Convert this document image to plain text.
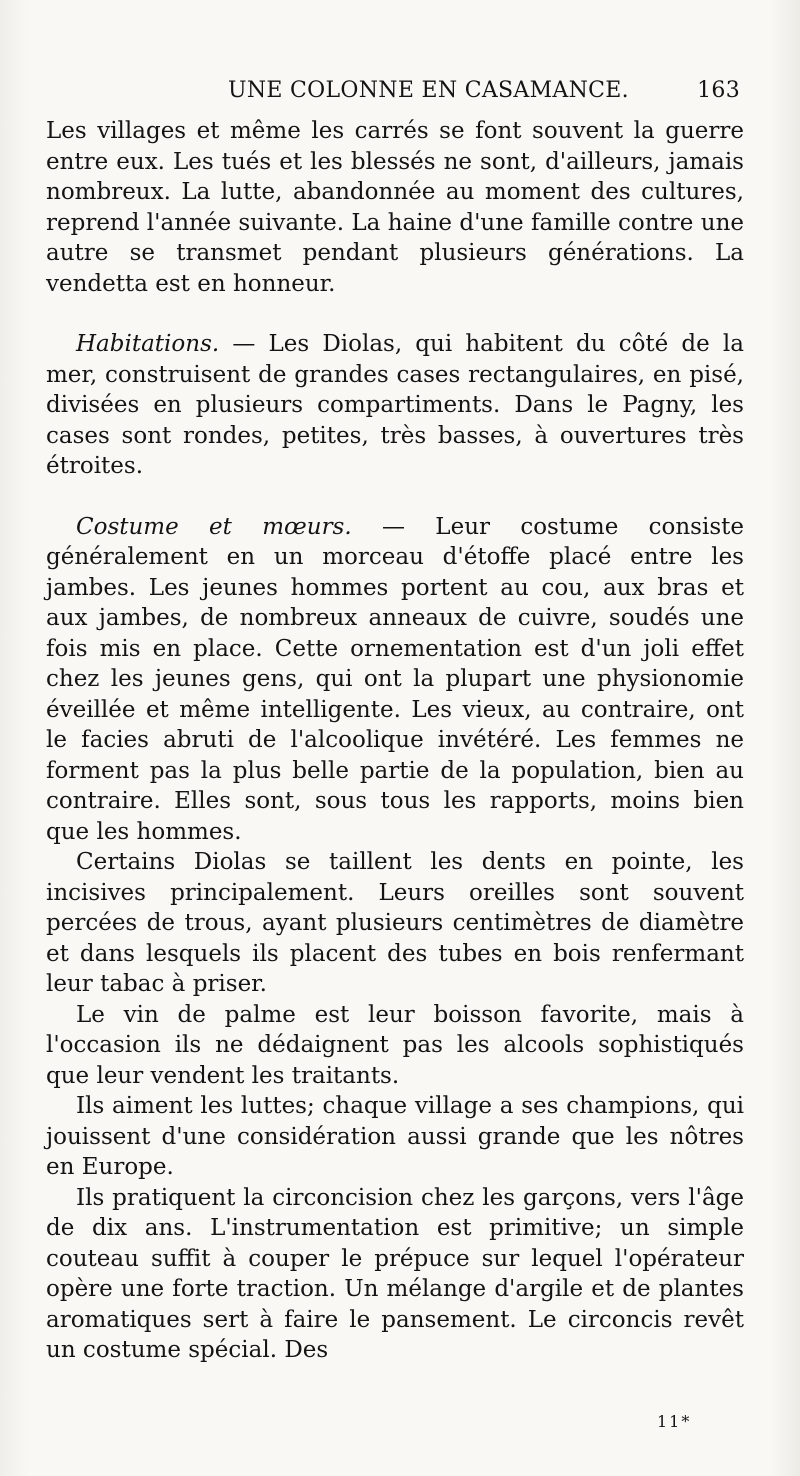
UNE COLONNE EN CASAMANCE.	163

Les villages et même les carrés se font souvent la guerre entre eux. Les tués et les blessés ne sont, d'ailleurs, jamais nombreux. La lutte, abandonnée au moment des cultures, reprend l'année suivante. La haine d'une famille contre une autre se transmet pendant plusieurs générations. La vendetta est en honneur.

Habitations. — Les Diolas, qui habitent du côté de la mer, construisent de grandes cases rectangulaires, en pisé, divisées en plusieurs compartiments. Dans le Pagny, les cases sont rondes, petites, très basses, à ouvertures très étroites.

Costume et mœurs. — Leur costume consiste généralement en un morceau d'étoffe placé entre les jambes. Les jeunes hommes portent au cou, aux bras et aux jambes, de nombreux anneaux de cuivre, soudés une fois mis en place. Cette ornementation est d'un joli effet chez les jeunes gens, qui ont la plupart une physionomie éveillée et même intelligente. Les vieux, au contraire, ont le facies abruti de l'alcoolique invétéré. Les femmes ne forment pas la plus belle partie de la population, bien au contraire. Elles sont, sous tous les rapports, moins bien que les hommes.

Certains Diolas se taillent les dents en pointe, les incisives principalement. Leurs oreilles sont souvent percées de trous, ayant plusieurs centimètres de diamètre et dans lesquels ils placent des tubes en bois renfermant leur tabac à priser.

Le vin de palme est leur boisson favorite, mais à l'occasion ils ne dédaignent pas les alcools sophistiqués que leur vendent les traitants.

Ils aiment les luttes; chaque village a ses champions, qui jouissent d'une considération aussi grande que les nôtres en Europe.

Ils pratiquent la circoncision chez les garçons, vers l'âge de dix ans. L'instrumentation est primitive; un simple couteau suffit à couper le prépuce sur lequel l'opérateur opère une forte traction. Un mélange d'argile et de plantes aromatiques sert à faire le pansement. Le circoncis revêt un costume spécial. Des

11*
